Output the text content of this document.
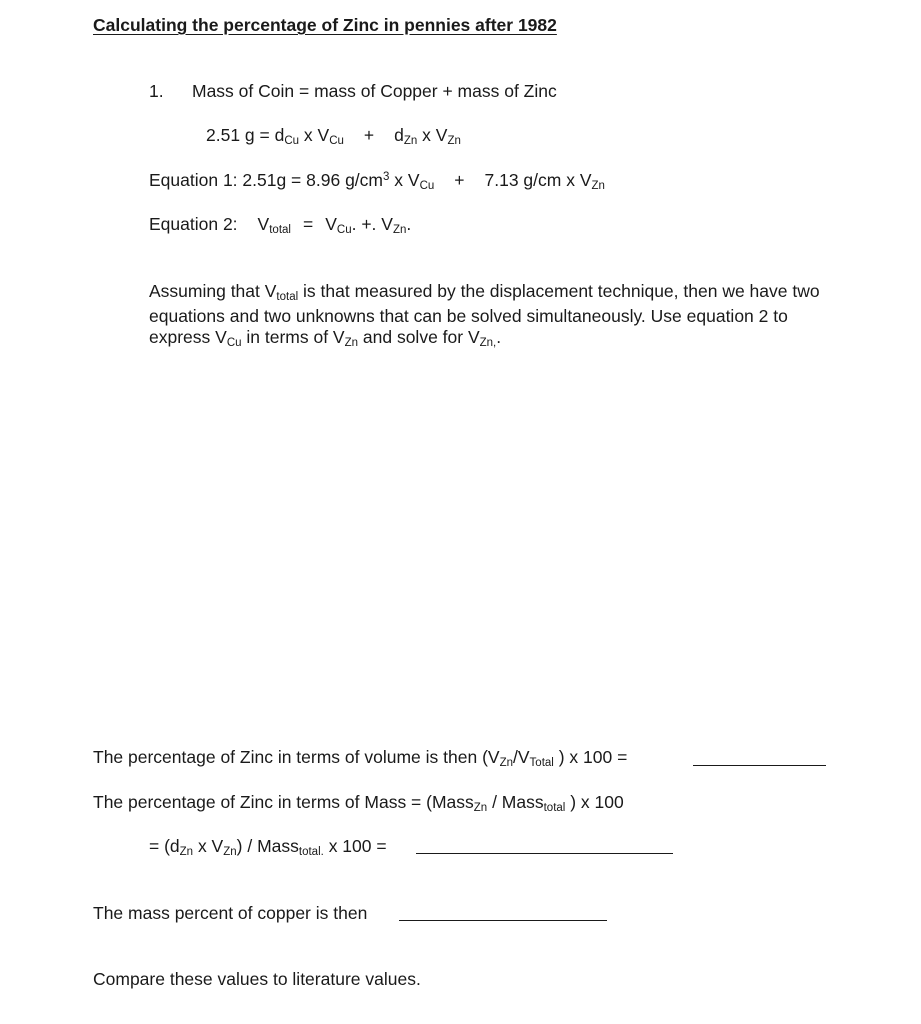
Calculating the percentage of Zinc in pennies after 1982
1. Mass of Coin = mass of Copper + mass of Zinc
2.51 g = dCu x VCu + dZn x VZn
Equation 1: 2.51g = 8.96 $g/cm^3$ x VCu + 7.13 g/cm x VZn
Equation 2: Vtotal = VCu. +. VZn.
Assuming that Vtotal is that measured by the displacement technique, then we have two equations and two unknowns that can be solved simultaneously. Use equation 2 to express VCu in terms of VZn and solve for VZn,.
The percentage of Zinc in terms of volume is then (VZn/VTotal ) x 100 =
The percentage of Zinc in terms of Mass = (MassZn / Masstotal ) x 100
= (dZn x VZn) / Masstotal. x 100 =
The mass percent of copper is then
Compare these values to literature values.
